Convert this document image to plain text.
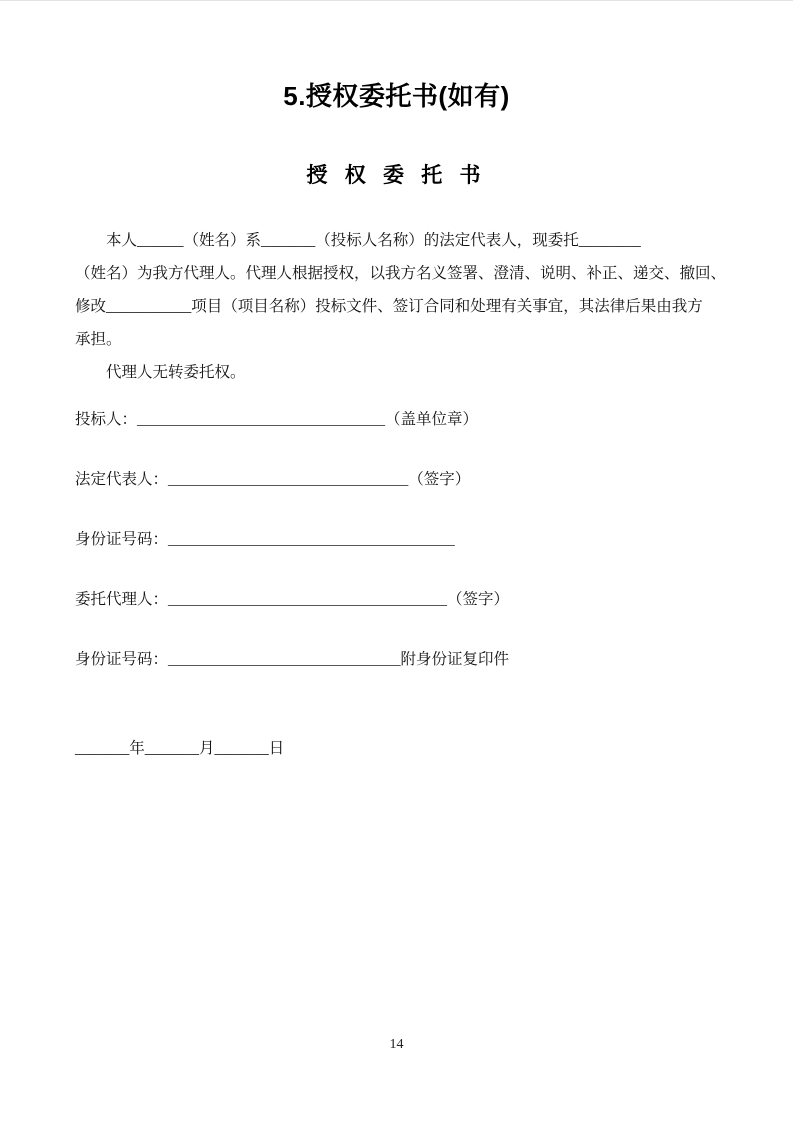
5.授权委托书(如有)
授 权 委 托 书
本人______（姓名）系_______（投标人名称）的法定代表人，现委托________
（姓名）为我方代理人。代理人根据授权，以我方名义签署、澄清、说明、补正、递交、撤回、
修改___________项目（项目名称）投标文件、签订合同和处理有关事宜，其法律后果由我方
承担。
代理人无转委托权。
投标人：________________________________（盖单位章）
法定代表人：_______________________________（签字）
身份证号码：_____________________________________
委托代理人：____________________________________（签字）
身份证号码：______________________________附身份证复印件
_______年_______月_______日
14
